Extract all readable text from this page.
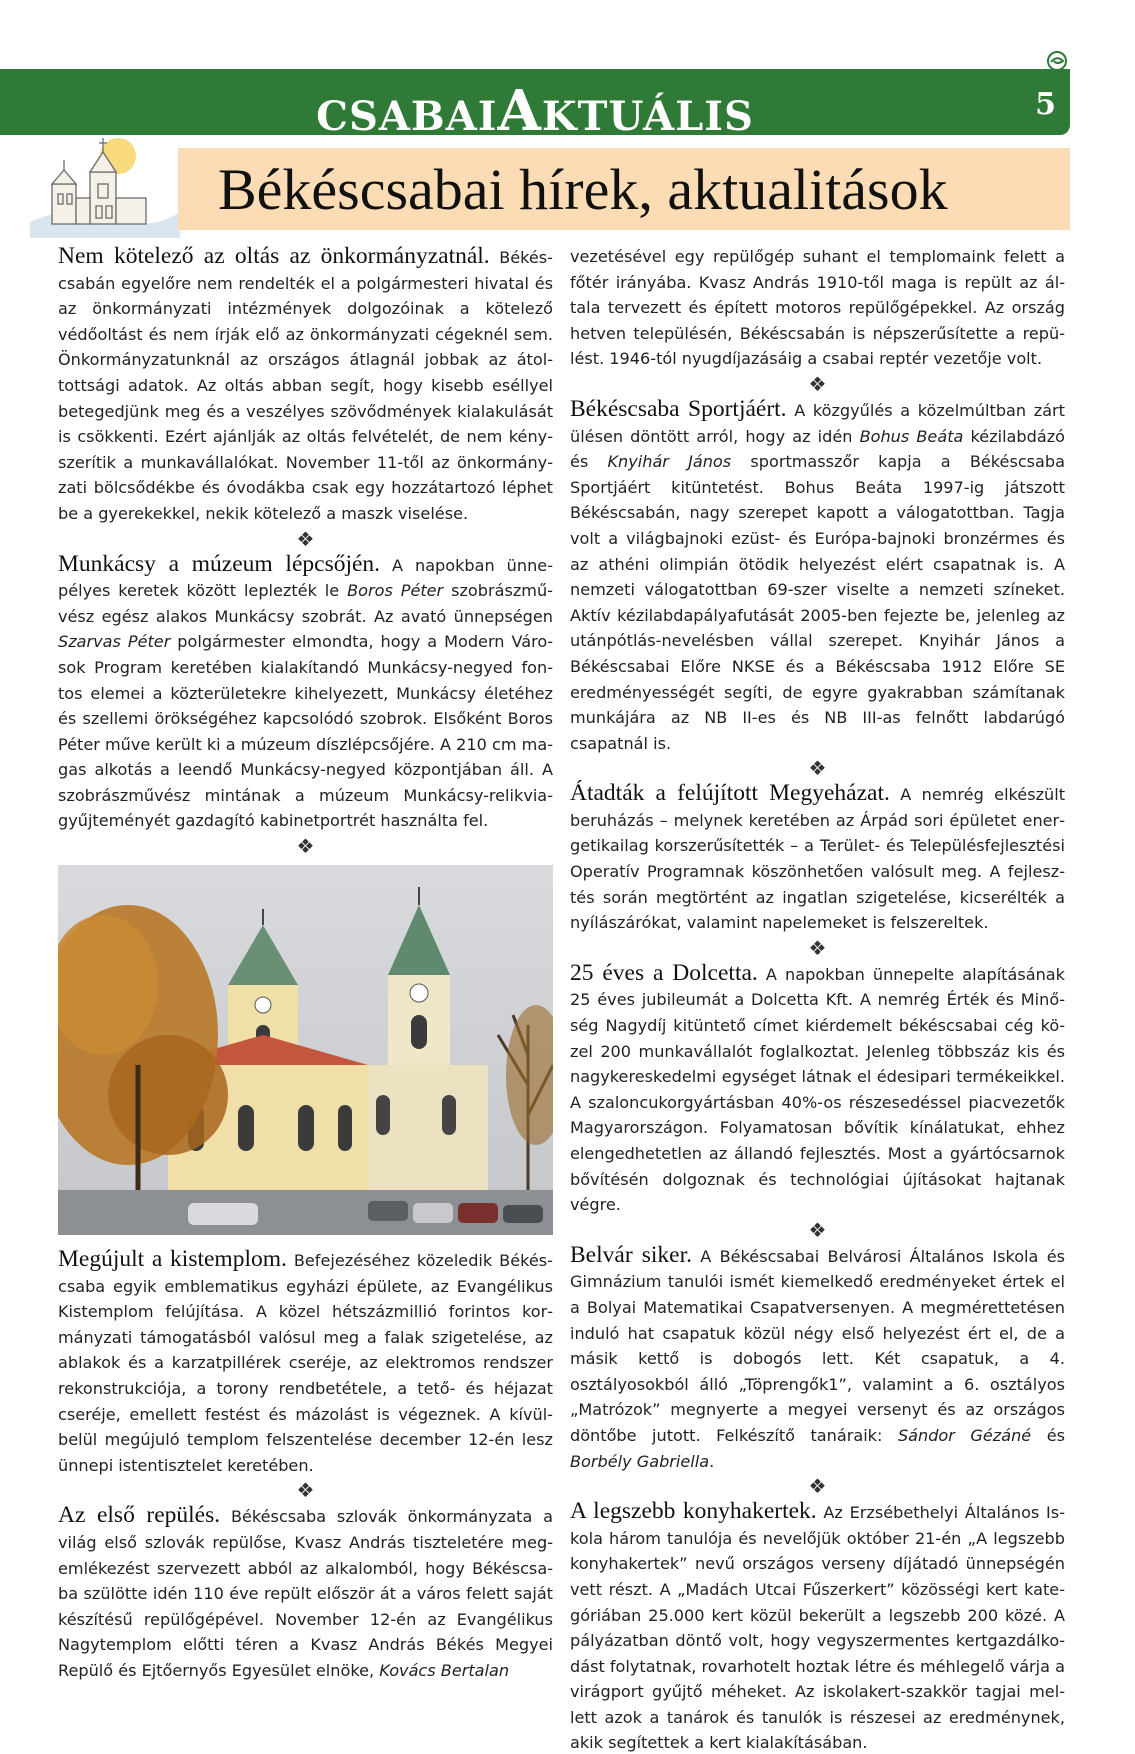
CSABAIAKTUÁLIS	5
Békéscsabai hírek, aktualitások
Nem kötelező az oltás az önkormányzatnál. Békéscsabán egyelőre nem rendelték el a polgármesteri hivatal és az önkormányzati intézmények dolgozóinak a kötelező védőoltást és nem írják elő az önkormányzati cégeknél sem. Önkormányzatunknál az országos átlagnál jobbak az átoltottsági adatok. Az oltás abban segít, hogy kisebb eséllyel betegedjünk meg és a veszélyes szövődmények kialakulását is csökkenti. Ezért ajánlják az oltás felvételét, de nem kényszerítik a munkavállalókat. November 11-től az önkormányzati bölcsődékbe és óvodákba csak egy hozzátartozó léphet be a gyerekekkel, nekik kötelező a maszk viselése.
❖
Munkácsy a múzeum lépcsőjén. A napokban ünnepélyes keretek között leplezték le Boros Péter szobrászművész egész alakos Munkácsy szobrát. Az avató ünnepségen Szarvas Péter polgármester elmondta, hogy a Modern Városok Program keretében kialakítandó Munkácsy-negyed fontos elemei a közterületekre kihelyezett, Munkácsy életéhez és szellemi örökségéhez kapcsolódó szobrok. Elsőként Boros Péter műve került ki a múzeum díszlépcsőjére. A 210 cm magas alkotás a leendő Munkácsy-negyed központjában áll. A szobrászművész mintának a múzeum Munkácsy-relikviagyűjteményét gazdagító kabinetportrét használta fel.
❖
Megújult a kistemplom. Befejezéséhez közeledik Békéscsaba egyik emblematikus egyházi épülete, az Evangélikus Kistemplom felújítása. A közel hétszázmillió forintos kormányzati támogatásból valósul meg a falak szigetelése, az ablakok és a karzatpillérek cseréje, az elektromos rendszer rekonstrukciója, a torony rendbetétele, a tető- és héjazat cseréje, emellett festést és mázolást is végeznek. A kívül-belül megújuló templom felszentelése december 12-én lesz ünnepi istentisztelet keretében.
❖
Az első repülés. Békéscsaba szlovák önkormányzata a világ első szlovák repülőse, Kvasz András tiszteletére megemlékezést szervezett abból az alkalomból, hogy Békéscsaba szülötte idén 110 éve repült először át a város felett saját készítésű repülőgépével. November 12-én az Evangélikus Nagytemplom előtti téren a Kvasz András Békés Megyei Repülő és Ejtőernyős Egyesület elnöke, Kovács Bertalan
vezetésével egy repülőgép suhant el templomaink felett a főtér irányába. Kvasz András 1910-től maga is repült az általa tervezett és épített motoros repülőgépekkel. Az ország hetven településén, Békéscsabán is népszerűsítette a repülést. 1946-tól nyugdíjazásáig a csabai reptér vezetője volt.
❖
Békéscsaba Sportjáért. A közgyűlés a közelmúltban zárt ülésen döntött arról, hogy az idén Bohus Beáta kézilabdázó és Knyihár János sportmasszőr kapja a Békéscsaba Sportjáért kitüntetést. Bohus Beáta 1997-ig játszott Békéscsabán, nagy szerepet kapott a válogatottban. Tagja volt a világbajnoki ezüst- és Európa-bajnoki bronzérmes és az athéni olimpián ötödik helyezést elért csapatnak is. A nemzeti válogatottban 69-szer viselte a nemzeti színeket. Aktív kézilabdapályafutását 2005-ben fejezte be, jelenleg az utánpótlás-nevelésben vállal szerepet. Knyihár János a Békéscsabai Előre NKSE és a Békéscsaba 1912 Előre SE eredményességét segíti, de egyre gyakrabban számítanak munkájára az NB II-es és NB III-as felnőtt labdarúgó csapatnál is.
❖
Átadták a felújított Megyeházat. A nemrég elkészült beruházás – melynek keretében az Árpád sori épületet energetikailag korszerűsítették – a Terület- és Településfejlesztési Operatív Programnak köszönhetően valósult meg. A fejlesztés során megtörtént az ingatlan szigetelése, kicserélték a nyílászárókat, valamint napelemeket is felszereltek.
❖
25 éves a Dolcetta. A napokban ünnepelte alapításának 25 éves jubileumát a Dolcetta Kft. A nemrég Érték és Minőség Nagydíj kitüntető címet kiérdemelt békéscsabai cég közel 200 munkavállalót foglalkoztat. Jelenleg többszáz kis és nagykereskedelmi egységet látnak el édesipari termékeikkel. A szaloncukorgyártásban 40%-os részesedéssel piacvezetők Magyarországon. Folyamatosan bővítik kínálatukat, ehhez elengedhetetlen az állandó fejlesztés. Most a gyártócsarnok bővítésén dolgoznak és technológiai újításokat hajtanak végre.
❖
Belvár siker. A Békéscsabai Belvárosi Általános Iskola és Gimnázium tanulói ismét kiemelkedő eredményeket értek el a Bolyai Matematikai Csapatversenyen. A megmérettetésen induló hat csapatuk közül négy első helyezést ért el, de a másik kettő is dobogós lett. Két csapatuk, a 4. osztályosokból álló „Töprengők1”, valamint a 6. osztályos „Matrózok” megnyerte a megyei versenyt és az országos döntőbe jutott. Felkészítő tanáraik: Sándor Gézáné és Borbély Gabriella.
❖
A legszebb konyhakertek. Az Erzsébethelyi Általános Iskola három tanulója és nevelőjük október 21-én „A legszebb konyhakertek” nevű országos verseny díjátadó ünnepségén vett részt. A „Madách Utcai Fűszerkert” közösségi kert kategóriában 25.000 kert közül bekerült a legszebb 200 közé. A pályázatban döntő volt, hogy vegyszermentes kertgazdálkodást folytatnak, rovarhotelt hoztak létre és méhlegelő várja a virágport gyűjtő méheket. Az iskolakert-szakkör tagjai mellett azok a tanárok és tanulók is részesei az eredménynek, akik segítettek a kert kialakításában.
